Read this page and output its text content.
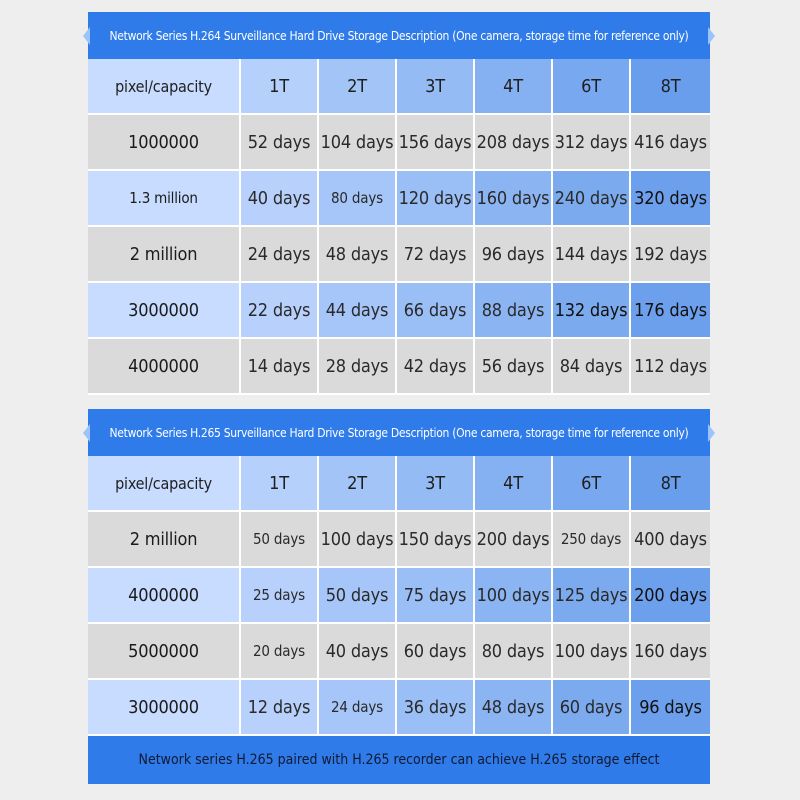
Network Series H.264 Surveillance Hard Drive Storage Description (One camera, storage time for reference only)
pixel/capacity	1T	2T	3T	4T	6T	8T
1000000	52 days 104 days 156 days 208 days 312 days 416 days
1.3 million	40 days	80 days 120 days 160 days 240 days 320 days
2 million	24 days 48 days 72 days 96 days 144 days 192 days
3000000	22 days 44 days 66 days 88 days 132 days 176 days
4000000	14 days 28 days 42 days 56 days 84 days 112 days
Network Series H.265 Surveillance Hard Drive Storage Description (One camera, storage time for reference only)
pixel/capacity	1T	2T	3T	4T	6T	8T
2 million	50 days 100 days 150 days 200 days 250 days 400 days
4000000	25 days	50 days 75 days 100 days 125 days 200 days
5000000	20 days	40 days 60 days 80 days 100 days 160 days
3000000	12 days	24 days	36 days 48 days 60 days 96 days
Network series H.265 paired with H.265 recorder can achieve H.265 storage effect
